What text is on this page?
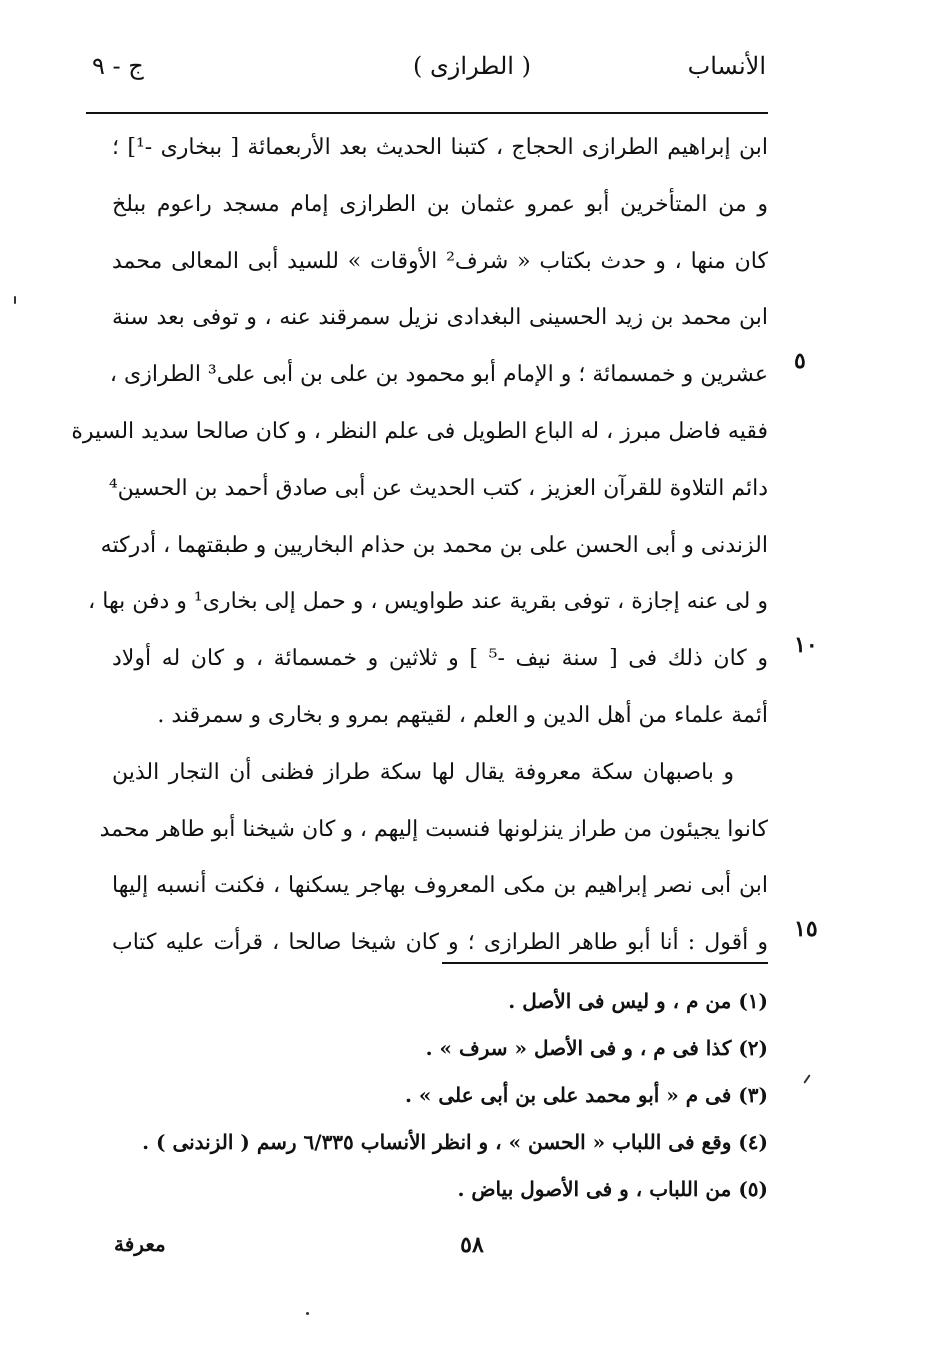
( الطرازى )	الأنساب
ج - ٩
ابن إبراهيم الطرازى الحجاج ، كتبنا الحديث بعد الأربعمائة [ ببخارى -¹] ؛
و من المتأخرين أبو عمرو عثمان بن الطرازى إمام مسجد راعوم ببلخ
كان منها ، و حدث بكتاب « شرف² الأوقات » للسيد أبى المعالى محمد
ابن محمد بن زيد الحسينى البغدادى نزيل سمرقند عنه ، و توفى بعد سنة
عشرين و خمسمائة ؛ و الإمام أبو محمود بن على بن أبى على³ الطرازى ،
فقيه فاضل مبرز ، له الباع الطويل فى علم النظر ، و كان صالحا سديد السيرة
دائم التلاوة للقرآن العزيز ، كتب الحديث عن أبى صادق أحمد بن الحسين⁴
الزندنى و أبى الحسن على بن محمد بن حذام البخاريين و طبقتهما ، أدركته
و لى عنه إجازة ، توفى بقرية عند طواويس ، و حمل إلى بخارى¹ و دفن بها ،
و كان ذلك فى [ سنة نيف -⁵ ] و ثلاثين و خمسمائة ، و كان له أولاد
أئمة علماء من أهل الدين و العلم ، لقيتهم بمرو و بخارى و سمرقند .
و باصبهان سكة معروفة يقال لها سكة طراز فظنى أن التجار الذين
كانوا يجيئون من طراز ينزلونها فنسبت إليهم ، و كان شيخنا أبو طاهر محمد
ابن أبى نصر إبراهيم بن مكى المعروف بهاجر يسكنها ، فكنت أنسبه إليها
و أقول : أنا أبو طاهر الطرازى ؛ و كان شيخا صالحا ، قرأت عليه كتاب
٥
١٠
١٥
(١) من م ، و ليس فى الأصل .
(٢) كذا فى م ، و فى الأصل « سرف » .
(٣) فى م « أبو محمد على بن أبى على » .
(٤) وقع فى اللباب « الحسن » ، و انظر الأنساب ٦/٣٣٥ رسم ( الزندنى ) .
(٥) من اللباب ، و فى الأصول بياض .
٥٨
معرفة
